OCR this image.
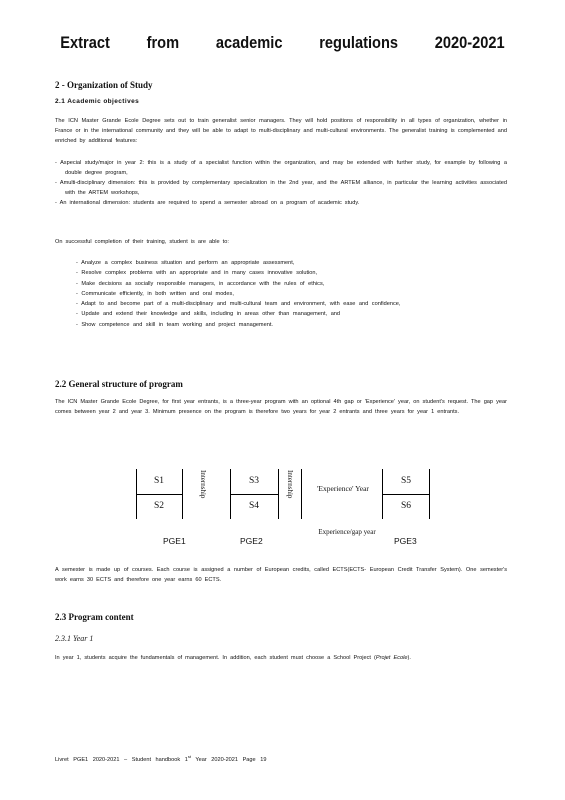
Extract from academic regulations 2020-2021
2 - Organization of Study
2.1 Academic objectives
The ICN Master Grande Ecole Degree sets out to train generalist senior managers. They will hold positions of responsibility in all types of organization, whether in France or in the international community and they will be able to adapt to multi-disciplinary and multi-cultural environments. The generalist training is complemented and enriched by additional features:
- Aspecial study/major in year 2: this is a study of a specialist function within the organization, and may be extended with further study, for example by following a double degree program,
- Amulti-disciplinary dimension: this is provided by complementary specialization in the 2nd year, and the ARTEM alliance, in particular the learning activities associated with the ARTEM workshops,
- An international dimension: students are required to spend a semester abroad on a program of academic study.
On successful completion of their training, student is are able to:
- Analyze a complex business situation and perform an appropriate assessment,
- Resolve complex problems with an appropriate and in many cases innovative solution,
- Make decisions as socially responsible managers, in accordance with the rules of ethics,
- Communicate efficiently, in both written and oral modes,
- Adapt to and become part of a multi-disciplinary and multi-cultural team and environment, with ease and confidence,
- Update and extend their knowledge and skills, including in areas other than management, and
- Show competence and skill in team working and project management.
2.2 General structure of program
The ICN Master Grande Ecole Degree, for first year entrants, is a three-year program with an optional 4th gap or 'Experience' year, on student's request. The gap year comes between year 2 and year 3. Minimum presence on the program is therefore two years for year 2 entrants and three years for year 1 entrants.
S1
S2
S3
S4
S5
S6
Internship	Internship	'Experience' Year
PGE1	PGE2	PGE3
Experience/gap year
A semester is made up of courses. Each course is assigned a number of European credits, called ECTS(ECTS- European Credit Transfer System). One semester's work earns 30 ECTS and therefore one year earns 60 ECTS.
2.3 Program content
2.3.1 Year 1
In year 1, students acquire the fundamentals of management. In addition, each student must choose a School Project (Projet Ecole).
Livret PGE1 2020-2021 – Student handbook 1st Year 2020-2021 Page 19
